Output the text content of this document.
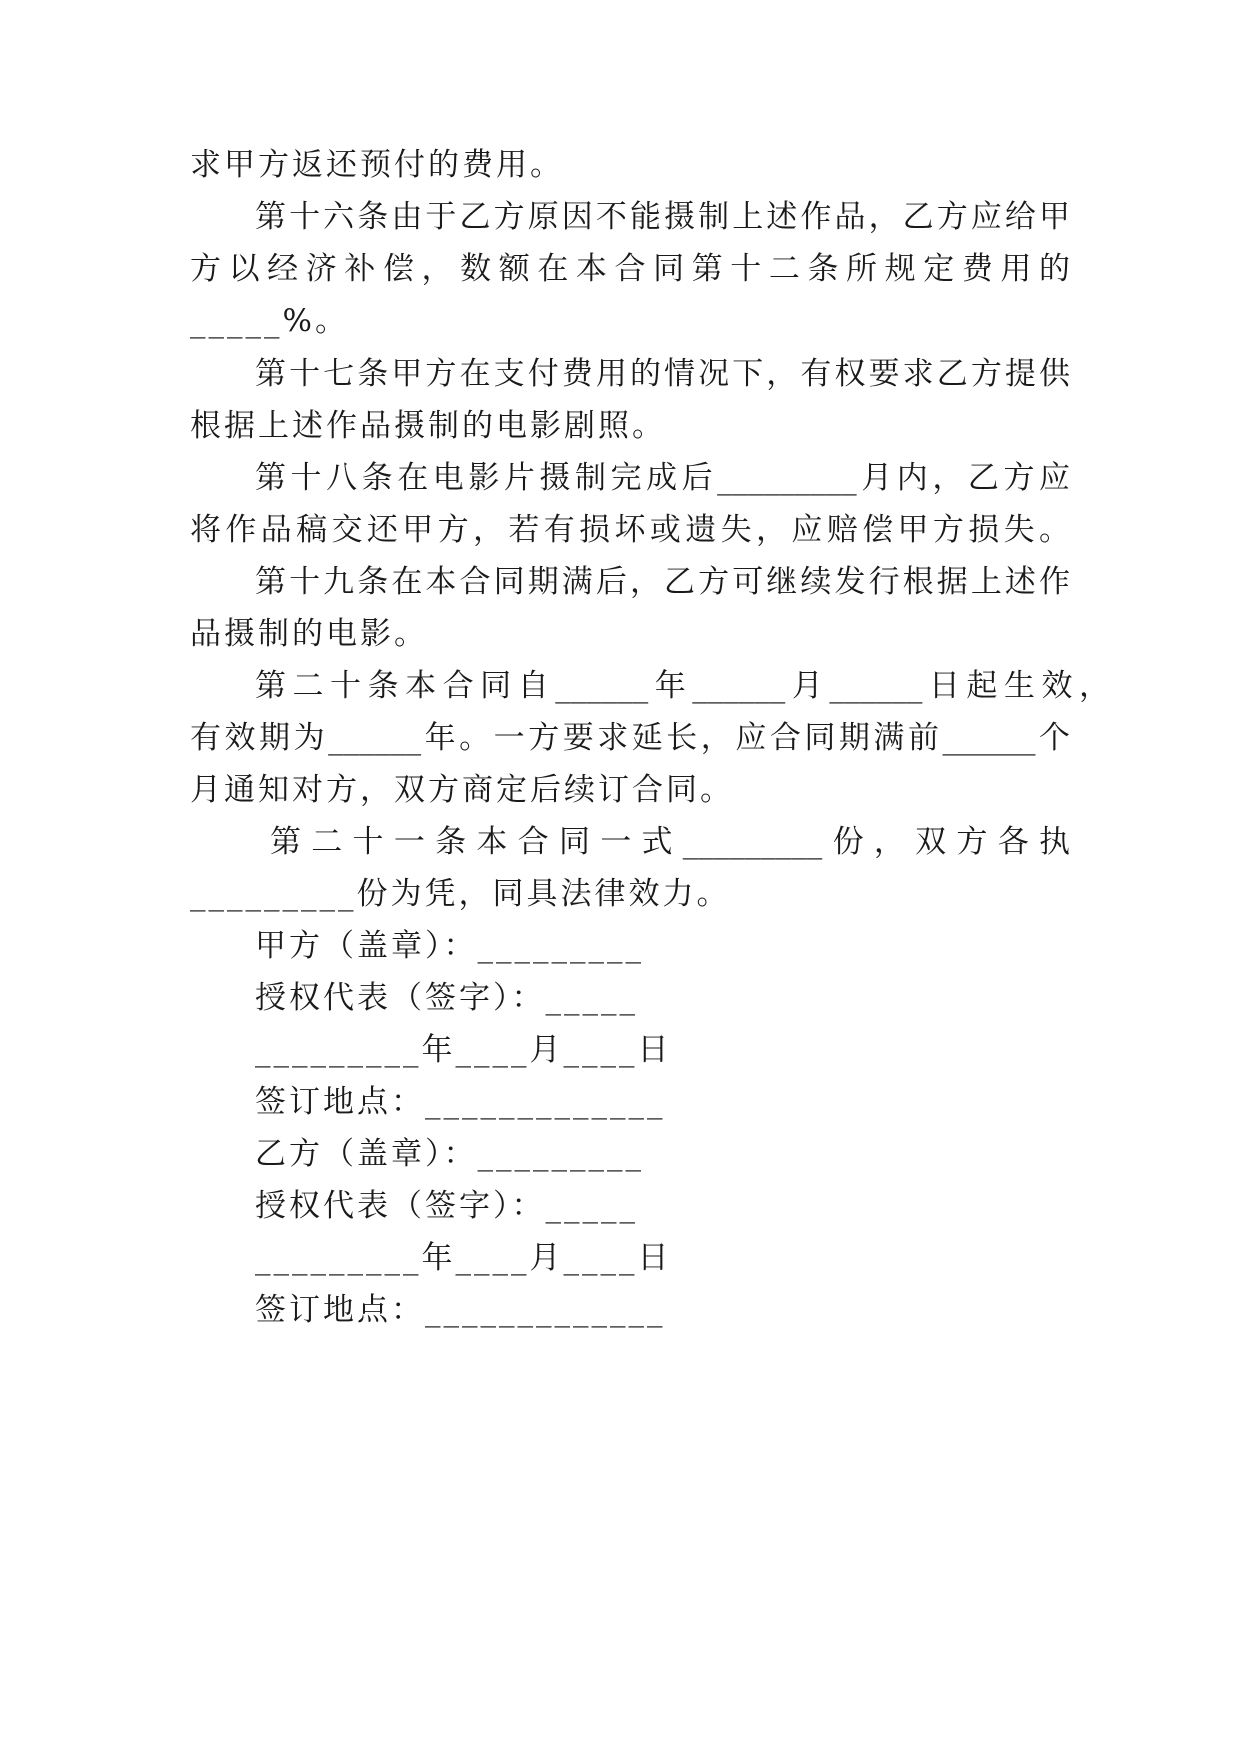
求甲方返还预付的费用。
第十六条由于乙方原因不能摄制上述作品，乙方应给甲
方以经济补偿，数额在本合同第十二条所规定费用的
_____%。
第十七条甲方在支付费用的情况下，有权要求乙方提供
根据上述作品摄制的电影剧照。
第十八条在电影片摄制完成后_________月内，乙方应
将作品稿交还甲方，若有损坏或遗失，应赔偿甲方损失。
第十九条在本合同期满后，乙方可继续发行根据上述作
品摄制的电影。
第二十条本合同自______年______月______日起生效，
有效期为______年。一方要求延长，应合同期满前______个
月通知对方，双方商定后续订合同。
第二十一条本合同一式_________份，双方各执
_________份为凭，同具法律效力。
甲方（盖章）：_________
授权代表（签字）：_____
_________年____月____日
签订地点：_____________
乙方（盖章）：_________
授权代表（签字）：_____
_________年____月____日
签订地点：_____________
